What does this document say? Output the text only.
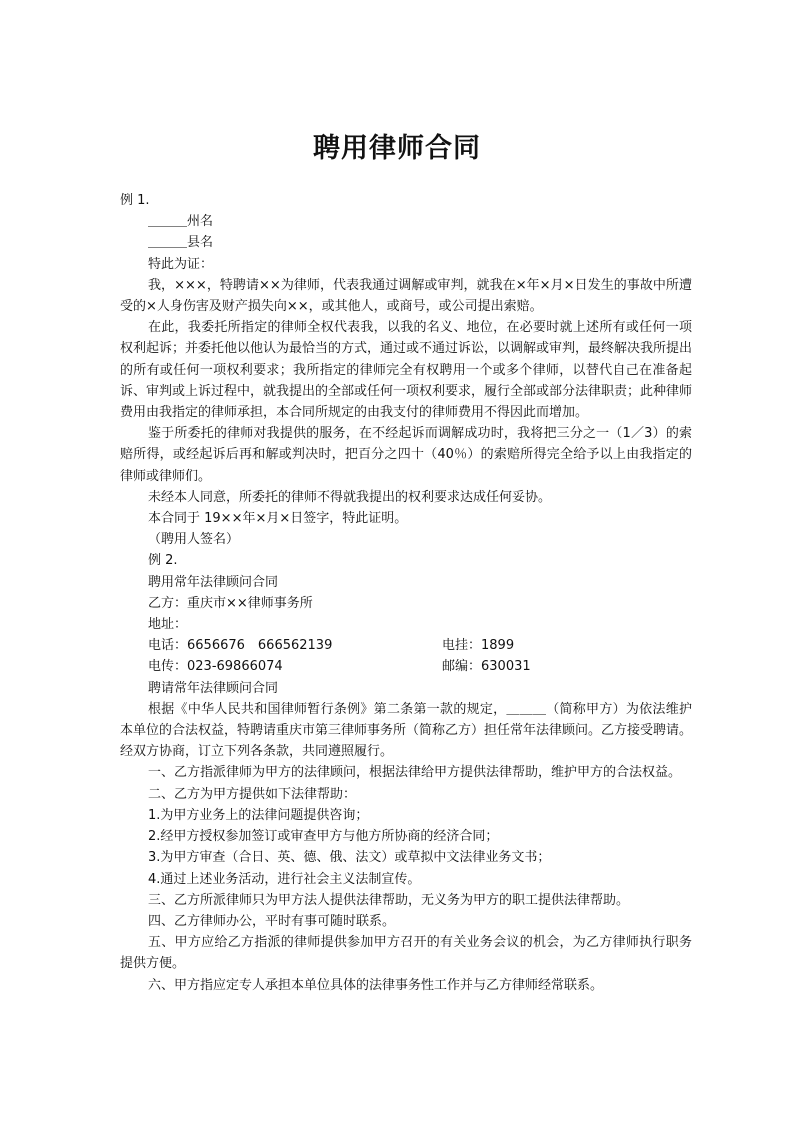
聘用律师合同

例 1.

＿＿＿州名

＿＿＿县名

特此为证：

我，×××，特聘请××为律师，代表我通过调解或审判，就我在×年×月×日发生的事故中所遭受的×人身伤害及财产损失向××，或其他人，或商号，或公司提出索赔。

在此，我委托所指定的律师全权代表我，以我的名义、地位，在必要时就上述所有或任何一项权利起诉；并委托他以他认为最恰当的方式，通过或不通过诉讼，以调解或审判，最终解决我所提出的所有或任何一项权利要求；我所指定的律师完全有权聘用一个或多个律师，以替代自己在准备起诉、审判或上诉过程中，就我提出的全部或任何一项权利要求，履行全部或部分法律职责；此种律师费用由我指定的律师承担，本合同所规定的由我支付的律师费用不得因此而增加。

鉴于所委托的律师对我提供的服务，在不经起诉而调解成功时，我将把三分之一（1／3）的索赔所得，或经起诉后再和解或判决时，把百分之四十（40％）的索赔所得完全给予以上由我指定的律师或律师们。

未经本人同意，所委托的律师不得就我提出的权利要求达成任何妥协。

本合同于 19××年×月×日签字，特此证明。

（聘用人签名）

例 2.

聘用常年法律顾问合同

乙方：重庆市××律师事务所

地址：

电话：6656676　666562139	电挂：1899
电传：023-69866074	邮编：630031

聘请常年法律顾问合同

根据《中华人民共和国律师暂行条例》第二条第一款的规定，＿＿＿（简称甲方）为依法维护本单位的合法权益，特聘请重庆市第三律师事务所（简称乙方）担任常年法律顾问。乙方接受聘请。经双方协商，订立下列各条款，共同遵照履行。

一、乙方指派律师为甲方的法律顾问，根据法律给甲方提供法律帮助，维护甲方的合法权益。

二、乙方为甲方提供如下法律帮助：

1.为甲方业务上的法律问题提供咨询；

2.经甲方授权参加签订或审查甲方与他方所协商的经济合同；

3.为甲方审查（合日、英、德、俄、法文）或草拟中文法律业务文书；

4.通过上述业务活动，进行社会主义法制宣传。

三、乙方所派律师只为甲方法人提供法律帮助，无义务为甲方的职工提供法律帮助。

四、乙方律师办公，平时有事可随时联系。

五、甲方应给乙方指派的律师提供参加甲方召开的有关业务会议的机会，为乙方律师执行职务提供方便。

六、甲方指应定专人承担本单位具体的法律事务性工作并与乙方律师经常联系。
